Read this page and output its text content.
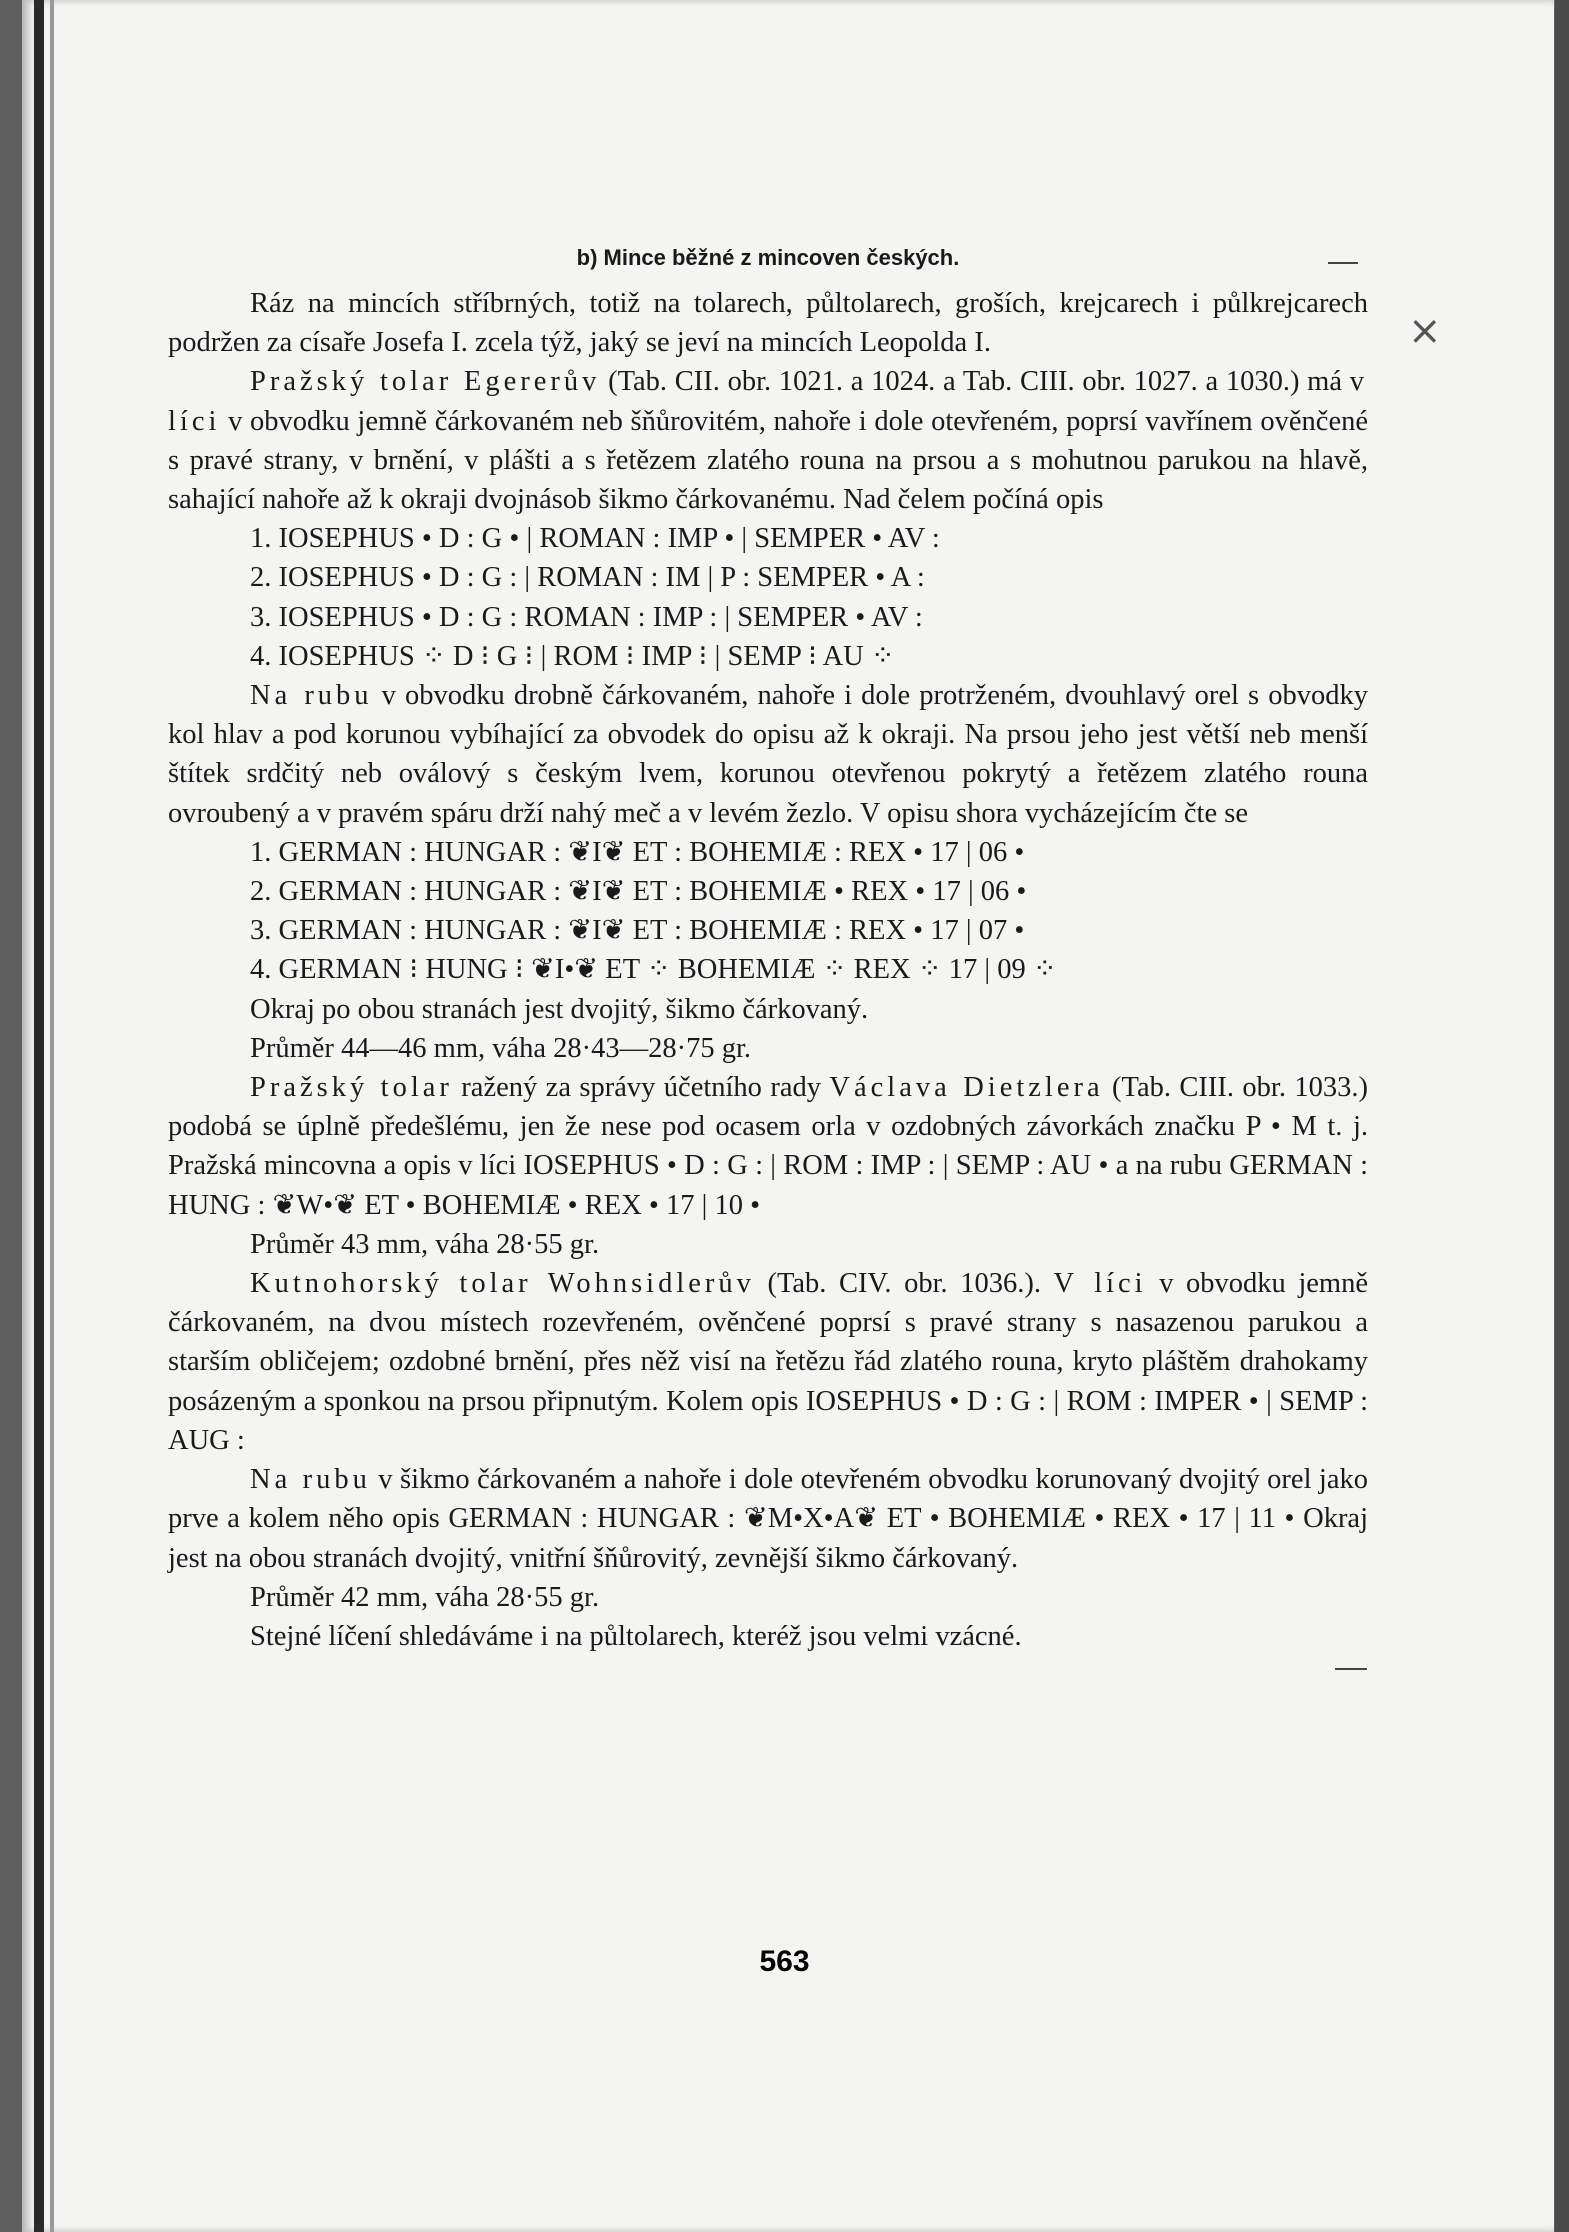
×
b) Mince běžné z mincoven českých.

Ráz na mincích stříbrných, totiž na tolarech, půltolarech, groších, krejcarech i půlkrejcarech podržen za císaře Josefa I. zcela týž, jaký se jeví na mincích Leopolda I.

Pražský tolar Egererův (Tab. CII. obr. 1021. a 1024. a Tab. CIII. obr. 1027. a 1030.) má v líci v obvodku jemně čárkovaném neb šňůrovitém, nahoře i dole otevřeném, poprsí vavřínem ověnčené s pravé strany, v brnění, v plášti a s řetězem zlatého rouna na prsou a s mohutnou parukou na hlavě, sahající nahoře až k okraji dvojnásob šikmo čárkovanému. Nad čelem počíná opis

1. IOSEPHUS • D : G • | ROMAN : IMP • | SEMPER • AV :
2. IOSEPHUS • D : G : | ROMAN : IM | P : SEMPER • A :
3. IOSEPHUS • D : G : ROMAN : IMP : | SEMPER • AV :
4. IOSEPHUS ⁘ D ⁝ G ⁝ | ROM ⁝ IMP ⁝ | SEMP ⁝ AU ⁘

Na rubu v obvodku drobně čárkovaném, nahoře i dole protrženém, dvouhlavý orel s obvodky kol hlav a pod korunou vybíhající za obvodek do opisu až k okraji. Na prsou jeho jest větší neb menší štítek srdčitý neb oválový s českým lvem, korunou otevřenou pokrytý a řetězem zlatého rouna ovroubený a v pravém spáru drží nahý meč a v levém žezlo. V opisu shora vycházejícím čte se

1. GERMAN : HUNGAR : ❦I❦ ET : BOHEMIÆ : REX • 17 | 06 •
2. GERMAN : HUNGAR : ❦I❦ ET : BOHEMIÆ • REX • 17 | 06 •
3. GERMAN : HUNGAR : ❦I❦ ET : BOHEMIÆ : REX • 17 | 07 •
4. GERMAN ⁝ HUNG ⁝ ❦I•❦ ET ⁘ BOHEMIÆ ⁘ REX ⁘ 17 | 09 ⁘

Okraj po obou stranách jest dvojitý, šikmo čárkovaný.

Průměr 44—46 mm, váha 28·43—28·75 gr.

Pražský tolar ražený za správy účetního rady Václava Dietzlera (Tab. CIII. obr. 1033.) podobá se úplně předešlému, jen že nese pod ocasem orla v ozdobných závorkách značku P • M t. j. Pražská mincovna a opis v líci IOSEPHUS • D : G : | ROM : IMP : | SEMP : AU • a na rubu GERMAN : HUNG : ❦W•❦ ET • BOHEMIÆ • REX • 17 | 10 •

Průměr 43 mm, váha 28·55 gr.

Kutnohorský tolar Wohnsidlerův (Tab. CIV. obr. 1036.). V líci v obvodku jemně čárkovaném, na dvou místech rozevřeném, ověnčené poprsí s pravé strany s nasazenou parukou a starším obličejem; ozdobné brnění, přes něž visí na řetězu řád zlatého rouna, kryto pláštěm drahokamy posázeným a sponkou na prsou připnutým. Kolem opis IOSEPHUS • D : G : | ROM : IMPER • | SEMP : AUG :

Na rubu v šikmo čárkovaném a nahoře i dole otevřeném obvodku korunovaný dvojitý orel jako prve a kolem něho opis GERMAN : HUNGAR : ❦M•X•A❦ ET • BOHEMIÆ • REX • 17 | 11 • Okraj jest na obou stranách dvojitý, vnitřní šňůrovitý, zevnější šikmo čárkovaný.

Průměr 42 mm, váha 28·55 gr.

Stejné líčení shledáváme i na půltolarech, kteréž jsou velmi vzácné.

563
